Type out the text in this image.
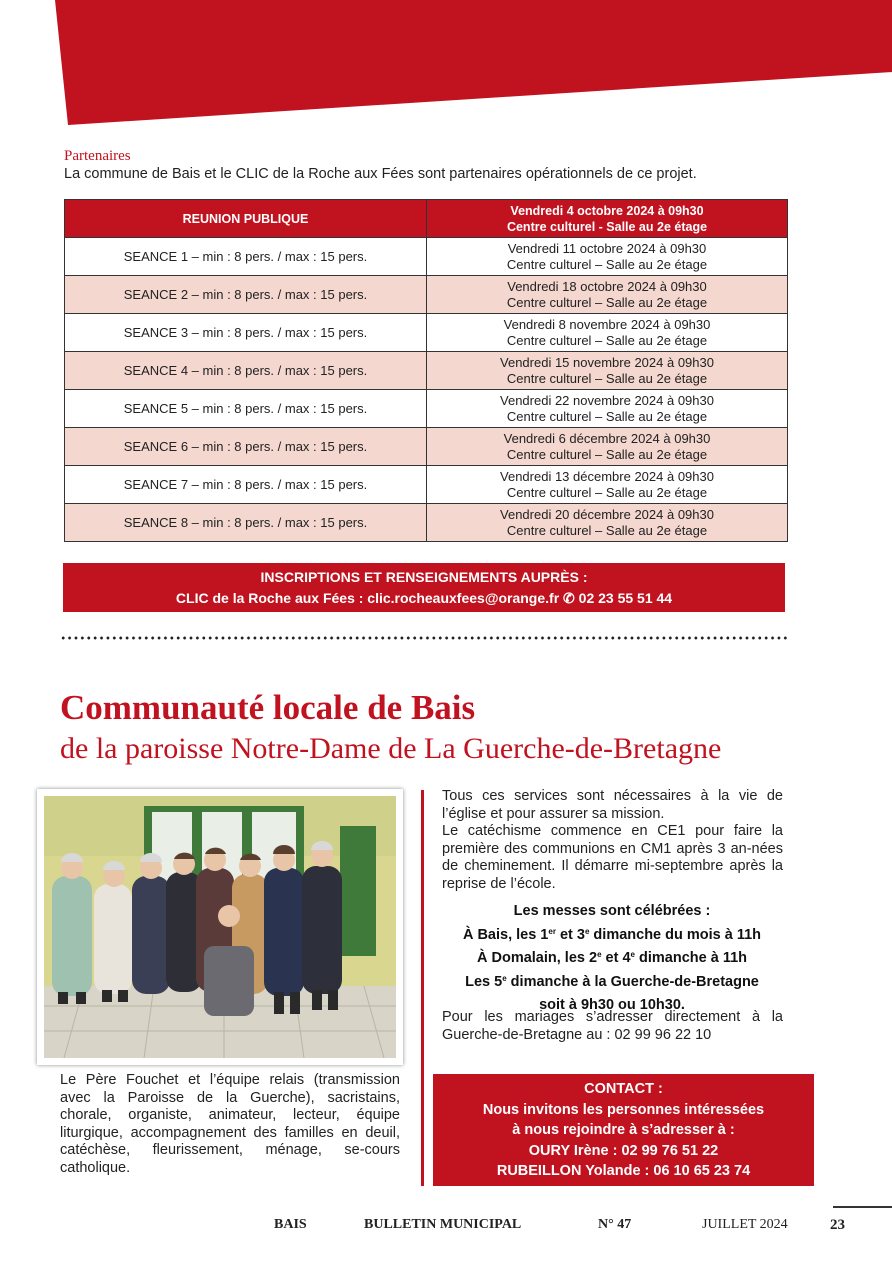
Partenaires
La commune de Bais et le CLIC de la Roche aux Fées sont partenaires opérationnels de ce projet.
REUNION PUBLIQUE	Vendredi 4 octobre 2024 à 09h30
Centre culturel - Salle au 2e étage

SEANCE 1 – min : 8 pers. / max : 15 pers.	Vendredi 11 octobre 2024 à 09h30
Centre culturel – Salle au 2e étage

SEANCE 2 – min : 8 pers. / max : 15 pers.	Vendredi 18 octobre 2024 à 09h30
Centre culturel – Salle au 2e étage

SEANCE 3 – min : 8 pers. / max : 15 pers.	Vendredi 8 novembre 2024 à 09h30
Centre culturel – Salle au 2e étage

SEANCE 4 – min : 8 pers. / max : 15 pers.	Vendredi 15 novembre 2024 à 09h30
Centre culturel – Salle au 2e étage

SEANCE 5 – min : 8 pers. / max : 15 pers.	Vendredi 22 novembre 2024 à 09h30
Centre culturel – Salle au 2e étage

SEANCE 6 – min : 8 pers. / max : 15 pers.	Vendredi 6 décembre 2024 à 09h30
Centre culturel – Salle au 2e étage

SEANCE 7 – min : 8 pers. / max : 15 pers.	Vendredi 13 décembre 2024 à 09h30
Centre culturel – Salle au 2e étage

SEANCE 8 – min : 8 pers. / max : 15 pers.	Vendredi 20 décembre 2024 à 09h30
Centre culturel – Salle au 2e étage
INSCRIPTIONS ET RENSEIGNEMENTS AUPRÈS :
CLIC de la Roche aux Fées : clic.rocheauxfees@orange.fr ✆ 02 23 55 51 44
Communauté locale de Bais
de la paroisse Notre-Dame de La Guerche-de-Bretagne
Le Père Fouchet et l’équipe relais (transmission avec la Paroisse de la Guerche), sacristains, chorale, organiste, animateur, lecteur, équipe liturgique, accompagnement des familles en deuil, catéchèse, fleurissement, ménage, se-cours catholique.
Tous ces services sont nécessaires à la vie de l’église et pour assurer sa mission.
Le catéchisme commence en CE1 pour faire la première des communions en CM1 après 3 an-nées de cheminement. Il démarre mi-septembre après la reprise de l’école.
Les messes sont célébrées :
À Bais, les 1er et 3e dimanche du mois à 11h
À Domalain, les 2e et 4e dimanche à 11h
Les 5e dimanche à la Guerche-de-Bretagne
soit à 9h30 ou 10h30.
Pour les mariages s’adresser directement à la Guerche-de-Bretagne au : 02 99 96 22 10
CONTACT :
Nous invitons les personnes intéressées
à nous rejoindre à s’adresser à :
OURY Irène : 02 99 76 51 22
RUBEILLON Yolande : 06 10 65 23 74
BAIS	BULLETIN MUNICIPAL	N° 47	JUILLET 2024	23
